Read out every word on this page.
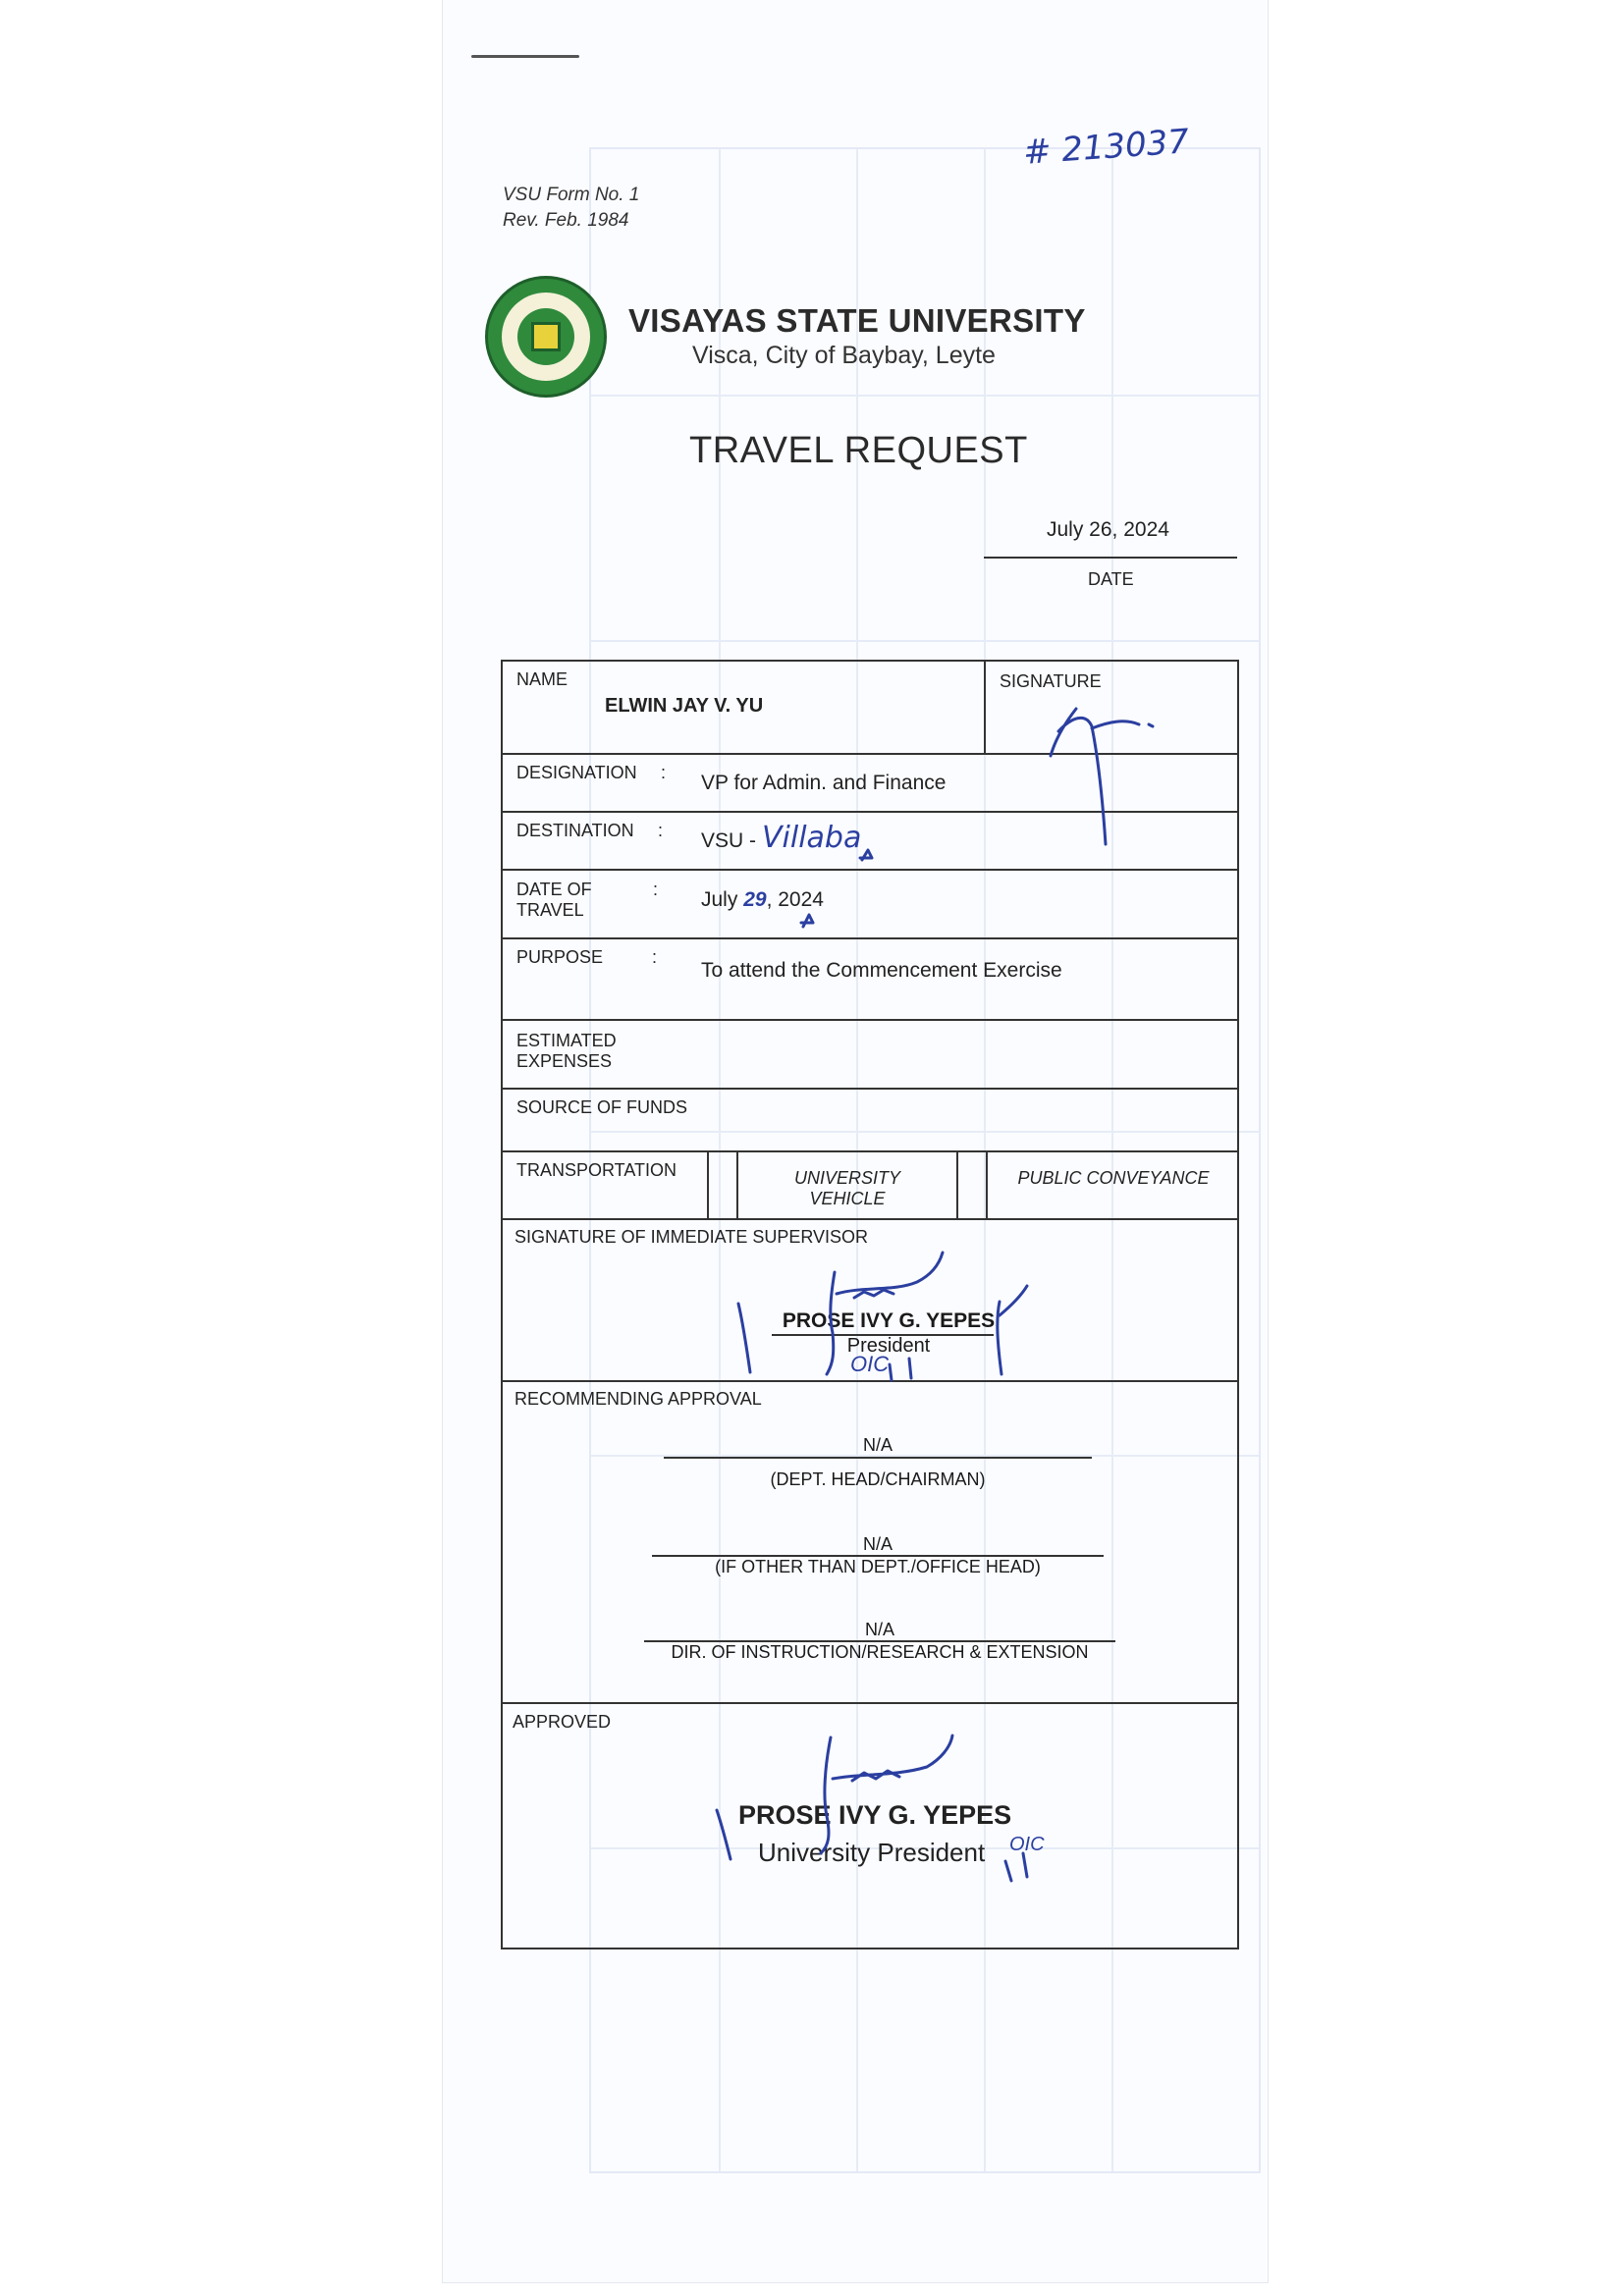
VSU Form No. 1
Rev. Feb. 1984
# 213037
VISAYAS STATE UNIVERSITY
Visca, City of Baybay, Leyte
TRAVEL REQUEST
July 26, 2024
DATE
NAME
ELWIN JAY V. YU
SIGNATURE
DESIGNATION : VP for Admin. and Finance
DESTINATION : VSU - Villaba
DATE OF
TRAVEL
: July 29, 2024
PURPOSE	:
To attend the Commencement Exercise
ESTIMATED
EXPENSES
SOURCE OF FUNDS
TRANSPORTATION	UNIVERSITY
VEHICLE
PUBLIC CONVEYANCE
SIGNATURE OF IMMEDIATE SUPERVISOR
PROSE IVY G. YEPES
President
OIC
RECOMMENDING APPROVAL
N/A
(DEPT. HEAD/CHAIRMAN)
N/A
(IF OTHER THAN DEPT./OFFICE HEAD)
N/A
DIR. OF INSTRUCTION/RESEARCH & EXTENSION
APPROVED
PROSE IVY G. YEPES
University President OIC
